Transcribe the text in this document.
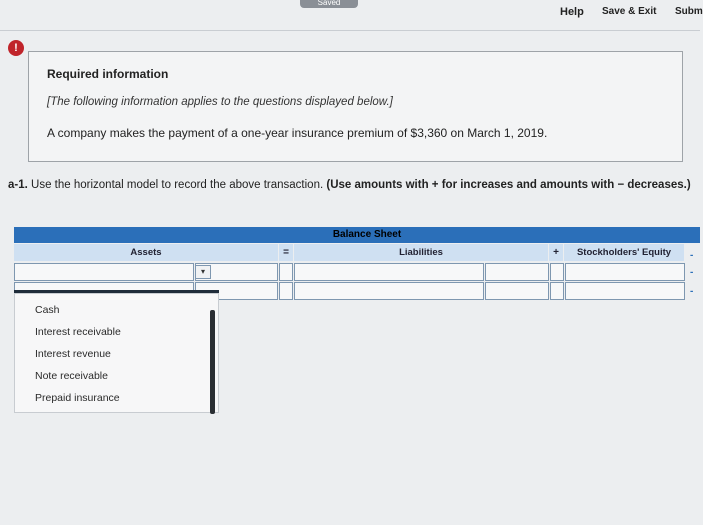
Saved
Help Save & Exit Subm
!
Required information
[The following information applies to the questions displayed below.]
A company makes the payment of a one-year insurance premium of $3,360 on March 1, 2019.
a-1. Use the horizontal model to record the above transaction. (Use amounts with + for increases and amounts with − decreases.)
Balance Sheet
Assets	=	Liabilities	+	Stockholders' Equity	-
-
-
▾
Cash
Interest receivable
Interest revenue
Note receivable
Prepaid insurance
